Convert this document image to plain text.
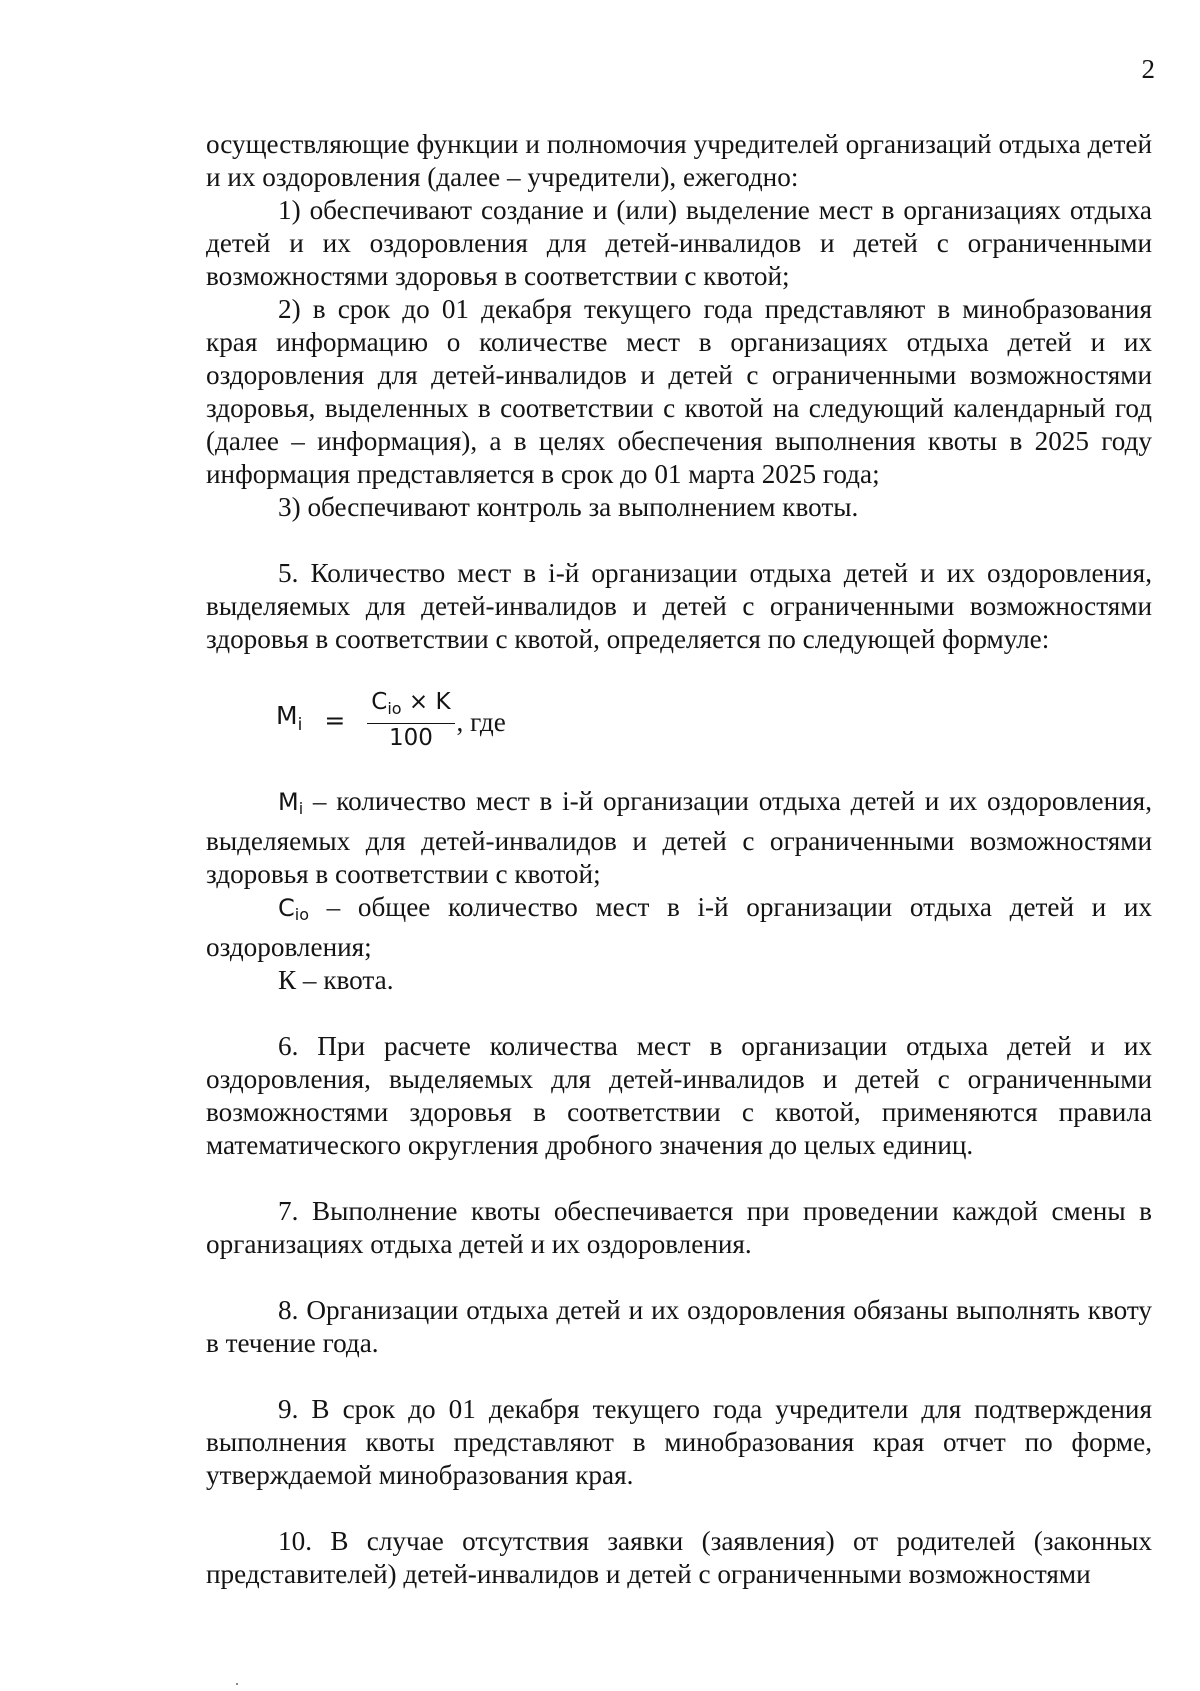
2

осуществляющие функции и полномочия учредителей организаций отдыха детей и их оздоровления (далее – учредители), ежегодно:

1) обеспечивают создание и (или) выделение мест в организациях отдыха детей и их оздоровления для детей-инвалидов и детей с ограниченными возможностями здоровья в соответствии с квотой;

2) в срок до 01 декабря текущего года представляют в минобразования края информацию о количестве мест в организациях отдыха детей и их оздоровления для детей-инвалидов и детей с ограниченными возможностями здоровья, выделенных в соответствии с квотой на следующий календарный год (далее – информация), а в целях обеспечения выполнения квоты в 2025 году информация представляется в срок до 01 марта 2025 года;

3) обеспечивают контроль за выполнением квоты.

5. Количество мест в i-й организации отдыха детей и их оздоровления, выделяемых для детей-инвалидов и детей с ограниченными возможностями здоровья в соответствии с квотой, определяется по следующей формуле:

$M_i = \frac{C_{io} \times K}{100}$ , где

Mi – количество мест в i-й организации отдыха детей и их оздоровления, выделяемых для детей-инвалидов и детей с ограниченными возможностями здоровья в соответствии с квотой;

Cio – общее количество мест в i-й организации отдыха детей и их оздоровления;

К – квота.

6. При расчете количества мест в организации отдыха детей и их оздоровления, выделяемых для детей-инвалидов и детей с ограниченными возможностями здоровья в соответствии с квотой, применяются правила математического округления дробного значения до целых единиц.

7. Выполнение квоты обеспечивается при проведении каждой смены в организациях отдыха детей и их оздоровления.

8. Организации отдыха детей и их оздоровления обязаны выполнять квоту в течение года.

9. В срок до 01 декабря текущего года учредители для подтверждения выполнения квоты представляют в минобразования края отчет по форме, утверждаемой минобразования края.

10. В случае отсутствия заявки (заявления) от родителей (законных представителей) детей-инвалидов и детей с ограниченными возможностями
